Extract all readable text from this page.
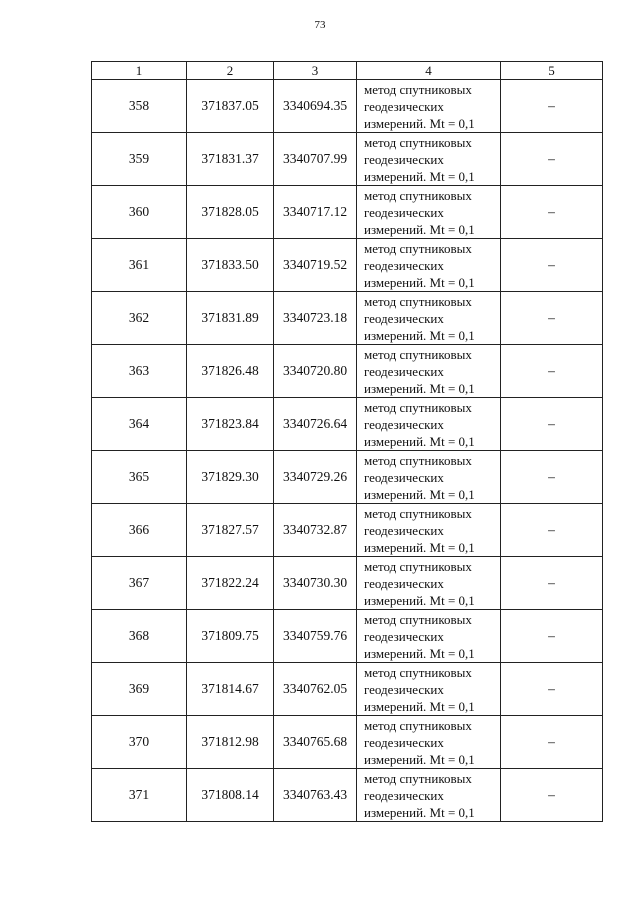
73
1	2	3	4	5
358	371837.05	3340694.35	метод спутниковых
геодезических
измерений. Mt = 0,1	–
359	371831.37	3340707.99	метод спутниковых
геодезических
измерений. Mt = 0,1	–
360	371828.05	3340717.12	метод спутниковых
геодезических
измерений. Mt = 0,1	–
361	371833.50	3340719.52	метод спутниковых
геодезических
измерений. Mt = 0,1	–
362	371831.89	3340723.18	метод спутниковых
геодезических
измерений. Mt = 0,1	–
363	371826.48	3340720.80	метод спутниковых
геодезических
измерений. Mt = 0,1	–
364	371823.84	3340726.64	метод спутниковых
геодезических
измерений. Mt = 0,1	–
365	371829.30	3340729.26	метод спутниковых
геодезических
измерений. Mt = 0,1	–
366	371827.57	3340732.87	метод спутниковых
геодезических
измерений. Mt = 0,1	–
367	371822.24	3340730.30	метод спутниковых
геодезических
измерений. Mt = 0,1	–
368	371809.75	3340759.76	метод спутниковых
геодезических
измерений. Mt = 0,1	–
369	371814.67	3340762.05	метод спутниковых
геодезических
измерений. Mt = 0,1	–
370	371812.98	3340765.68	метод спутниковых
геодезических
измерений. Mt = 0,1	–
371	371808.14	3340763.43	метод спутниковых
геодезических
измерений. Mt = 0,1	–
